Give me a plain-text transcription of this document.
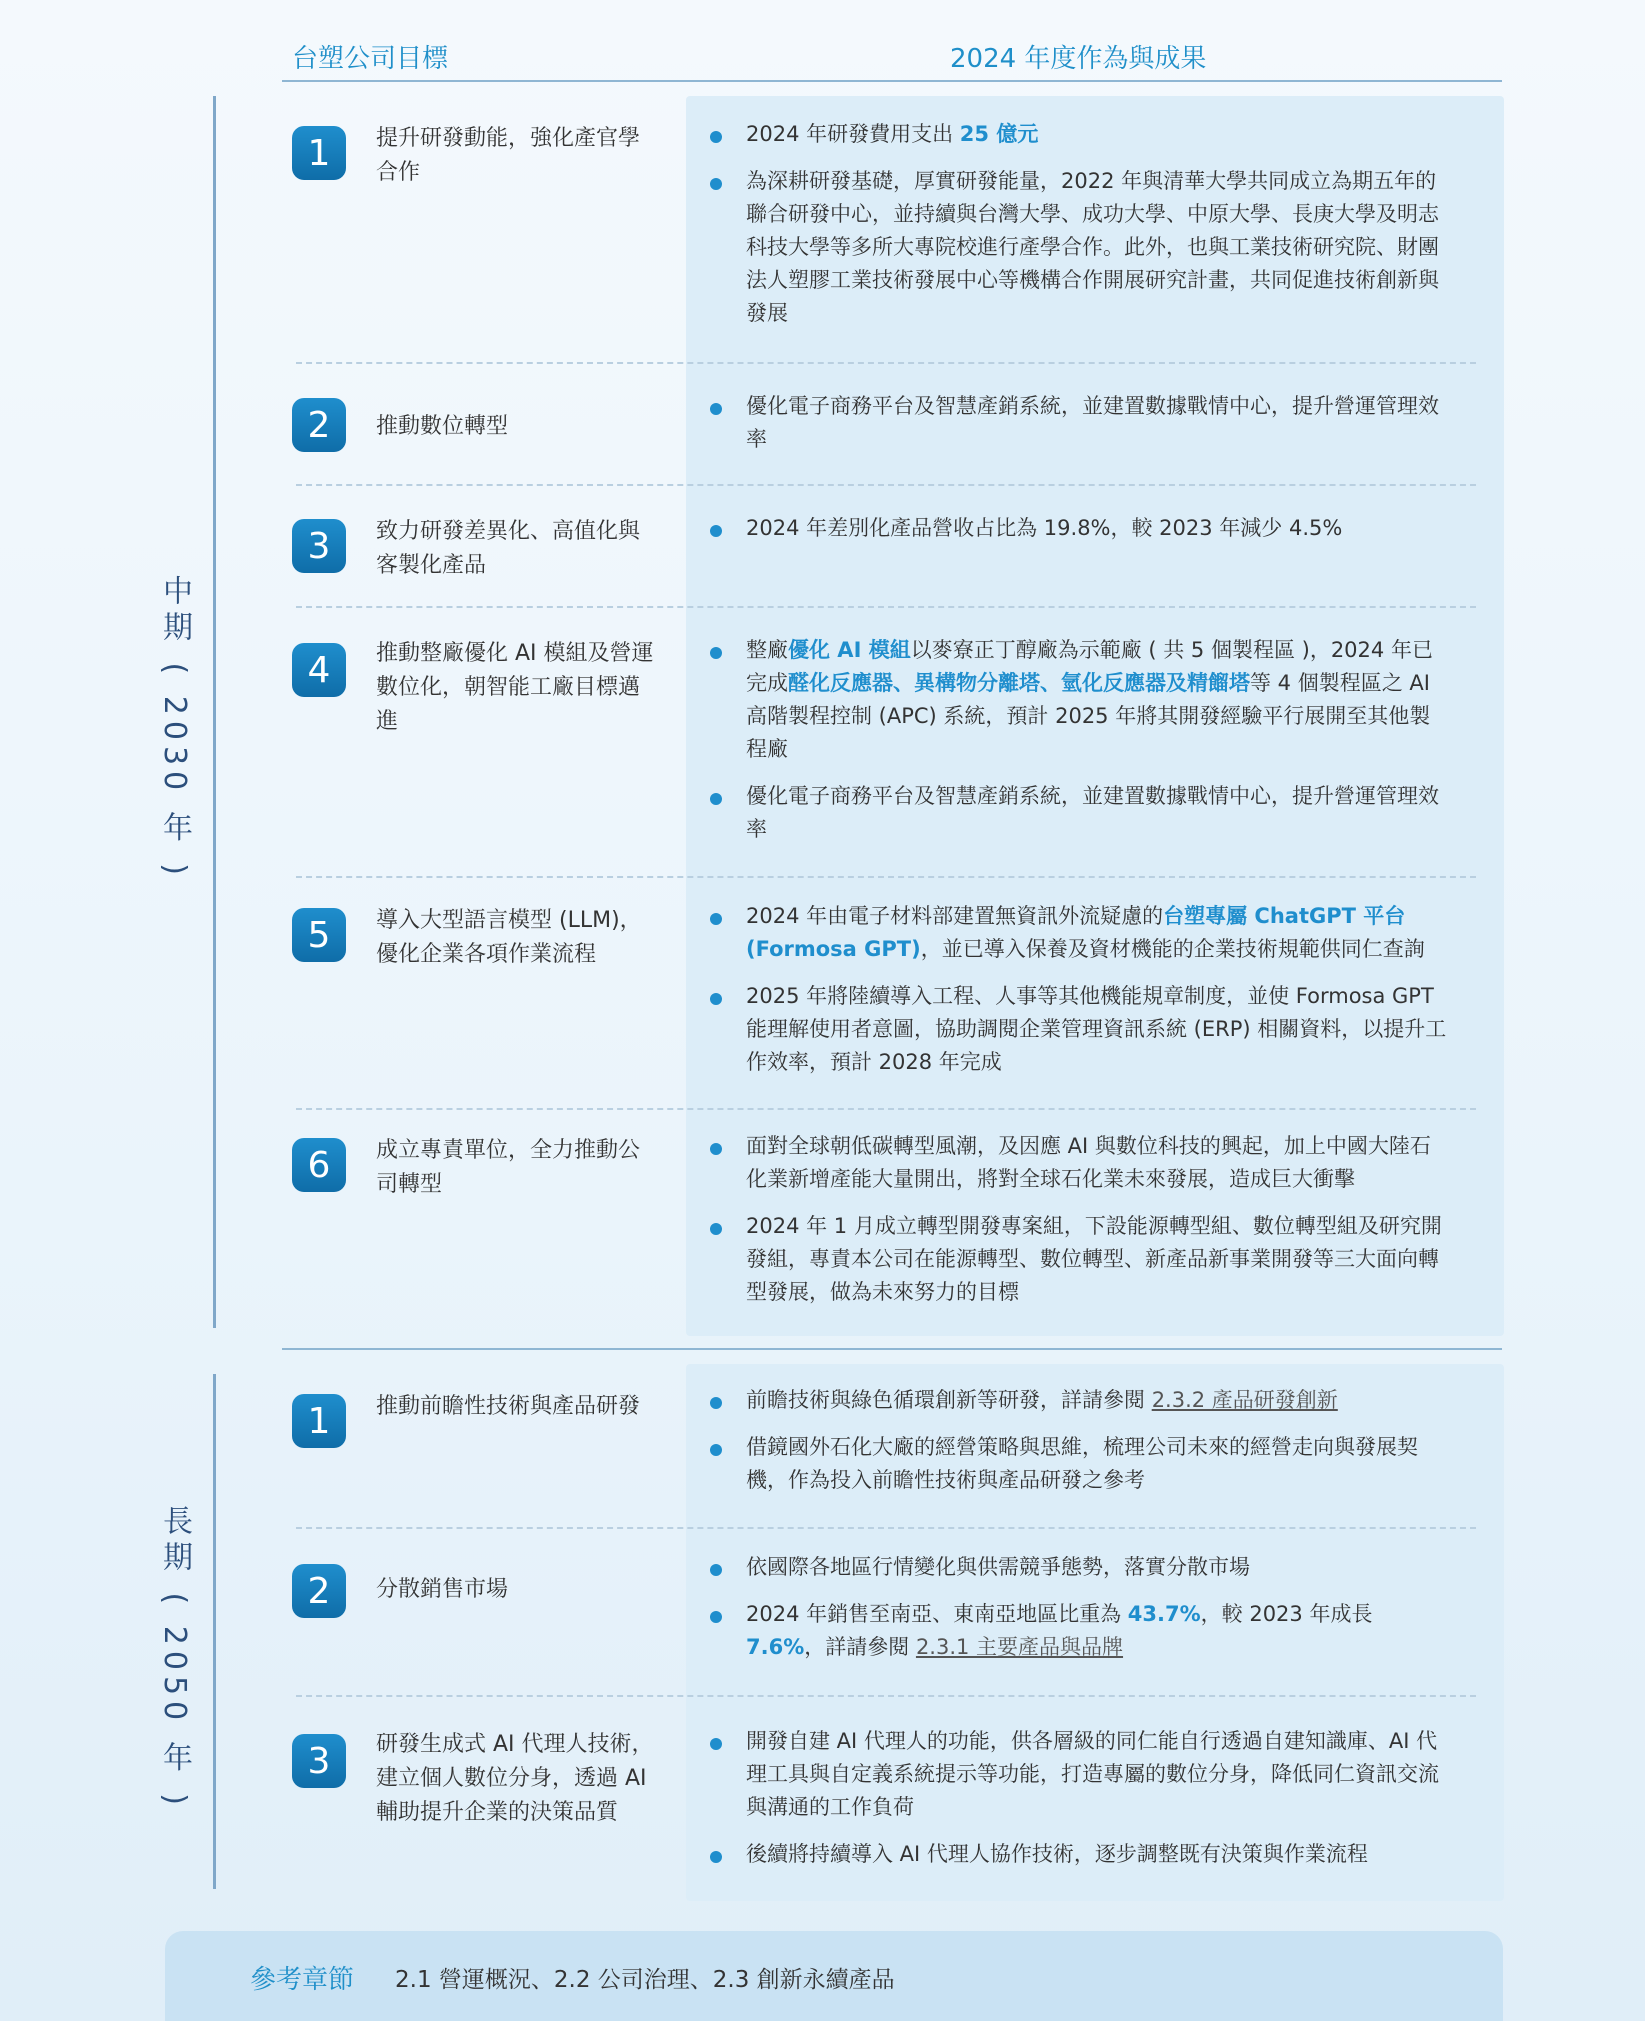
台塑公司目標	2024 年度作為與成果
中期 ( 2030 年 )
1	提升研發動能，強化產官學合作
2024 年研發費用支出 25 億元
為深耕研發基礎，厚實研發能量，2022 年與清華大學共同成立為期五年的聯合研發中心，並持續與台灣大學、成功大學、中原大學、長庚大學及明志科技大學等多所大專院校進行產學合作。此外，也與工業技術研究院、財團法人塑膠工業技術發展中心等機構合作開展研究計畫，共同促進技術創新與發展
2	推動數位轉型
優化電子商務平台及智慧產銷系統，並建置數據戰情中心，提升營運管理效率
3	致力研發差異化、高值化與客製化產品
2024 年差別化產品營收占比為 19.8%，較 2023 年減少 4.5%
4	推動整廠優化 AI 模組及營運數位化，朝智能工廠目標邁進
整廠優化 AI 模組以麥寮正丁醇廠為示範廠 ( 共 5 個製程區 )，2024 年已完成醛化反應器、異構物分離塔、氫化反應器及精餾塔等 4 個製程區之 AI 高階製程控制 (APC) 系統，預計 2025 年將其開發經驗平行展開至其他製程廠
優化電子商務平台及智慧產銷系統，並建置數據戰情中心，提升營運管理效率
5	導入大型語言模型 (LLM)，優化企業各項作業流程
2024 年由電子材料部建置無資訊外流疑慮的台塑專屬 ChatGPT 平台 (Formosa GPT)，並已導入保養及資材機能的企業技術規範供同仁查詢
2025 年將陸續導入工程、人事等其他機能規章制度，並使 Formosa GPT 能理解使用者意圖，協助調閱企業管理資訊系統 (ERP) 相關資料，以提升工作效率，預計 2028 年完成
6	成立專責單位，全力推動公司轉型
面對全球朝低碳轉型風潮，及因應 AI 與數位科技的興起，加上中國大陸石化業新增產能大量開出，將對全球石化業未來發展，造成巨大衝擊
2024 年 1 月成立轉型開發專案組，下設能源轉型組、數位轉型組及研究開發組，專責本公司在能源轉型、數位轉型、新產品新事業開發等三大面向轉型發展，做為未來努力的目標
長期 ( 2050 年 )
1	推動前瞻性技術與產品研發	前瞻技術與綠色循環創新等研發，詳請參閱 2.3.2 產品研發創新
借鏡國外石化大廠的經營策略與思維，梳理公司未來的經營走向與發展契機，作為投入前瞻性技術與產品研發之參考
2	分散銷售市場
依國際各地區行情變化與供需競爭態勢，落實分散市場
2024 年銷售至南亞、東南亞地區比重為 43.7%，較 2023 年成長 7.6%，詳請參閱 2.3.1 主要產品與品牌
3	研發生成式 AI 代理人技術，建立個人數位分身，透過 AI 輔助提升企業的決策品質
開發自建 AI 代理人的功能，供各層級的同仁能自行透過自建知識庫、AI 代理工具與自定義系統提示等功能，打造專屬的數位分身，降低同仁資訊交流與溝通的工作負荷
後續將持續導入 AI 代理人協作技術，逐步調整既有決策與作業流程
參考章節 2.1 營運概況、2.2 公司治理、2.3 創新永續產品
